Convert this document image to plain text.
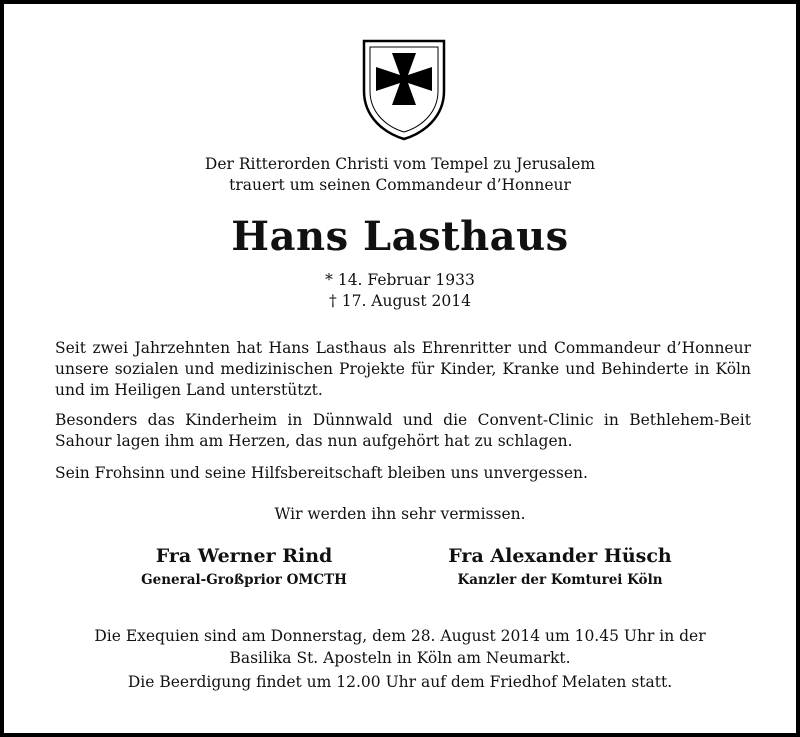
Der Ritterorden Christi vom Tempel zu Jerusalem
trauert um seinen Commandeur d’Honneur
Hans Lasthaus
* 14. Februar 1933
† 17. August 2014
Seit zwei Jahrzehnten hat Hans Lasthaus als Ehrenritter und Commandeur d’Honneur unsere sozialen und medizinischen Projekte für Kinder, Kranke und Behinderte in Köln und im Heiligen Land unterstützt.
Besonders das Kinderheim in Dünnwald und die Convent-Clinic in Bethlehem-Beit Sahour lagen ihm am Herzen, das nun aufgehört hat zu schlagen.
Sein Frohsinn und seine Hilfsbereitschaft bleiben uns unvergessen.
Wir werden ihn sehr vermissen.
Fra Werner Rind
General-Großprior OMCTH
Fra Alexander Hüsch
Kanzler der Komturei Köln
Die Exequien sind am Donnerstag, dem 28. August 2014 um 10.45 Uhr in der
Basilika St. Aposteln in Köln am Neumarkt.
Die Beerdigung findet um 12.00 Uhr auf dem Friedhof Melaten statt.
